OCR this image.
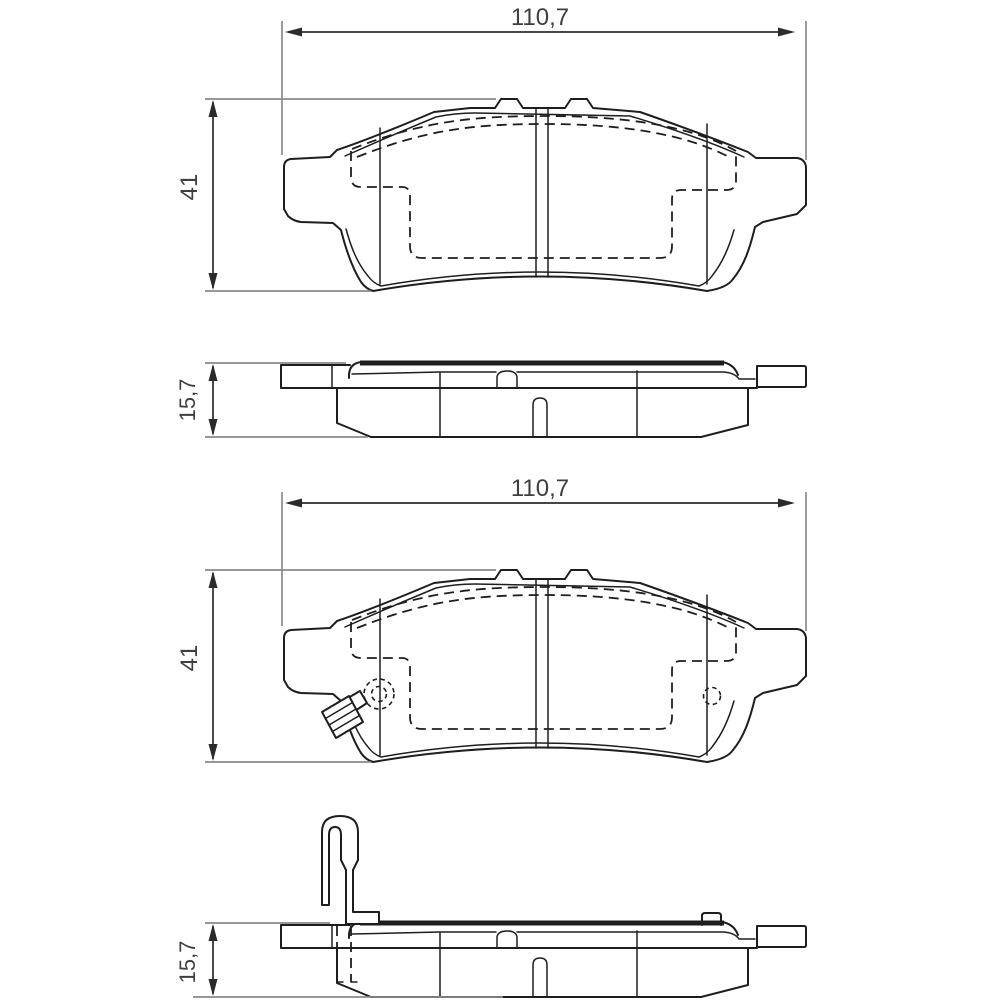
110,7
41
15,7
110,7
41
15,7
